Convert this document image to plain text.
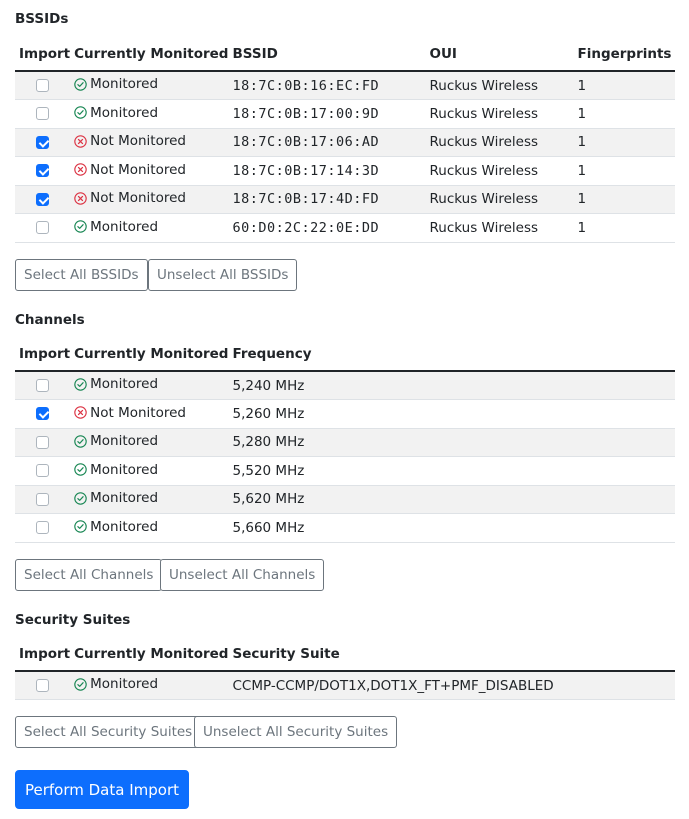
BSSIDs
Import	Currently Monitored	BSSID	OUI	Fingerprints

	Monitored	18:7C:0B:16:EC:FD	Ruckus Wireless	1

	Monitored	18:7C:0B:17:00:9D	Ruckus Wireless	1

	Not Monitored	18:7C:0B:17:06:AD	Ruckus Wireless	1

	Not Monitored	18:7C:0B:17:14:3D	Ruckus Wireless	1

	Not Monitored	18:7C:0B:17:4D:FD	Ruckus Wireless	1

	Monitored	60:D0:2C:22:0E:DD	Ruckus Wireless	1
Select All BSSIDs	Unselect All BSSIDs
Channels
Import	Currently Monitored	Frequency

	Monitored	5,240 MHz

	Not Monitored	5,260 MHz

	Monitored	5,280 MHz

	Monitored	5,520 MHz

	Monitored	5,620 MHz

	Monitored	5,660 MHz
Select All Channels	Unselect All Channels
Security Suites
Import	Currently Monitored	Security Suite

	Monitored	CCMP-CCMP/DOT1X,DOT1X_FT+PMF_DISABLED
Select All Security Suites Unselect All Security Suites
Perform Data Import
